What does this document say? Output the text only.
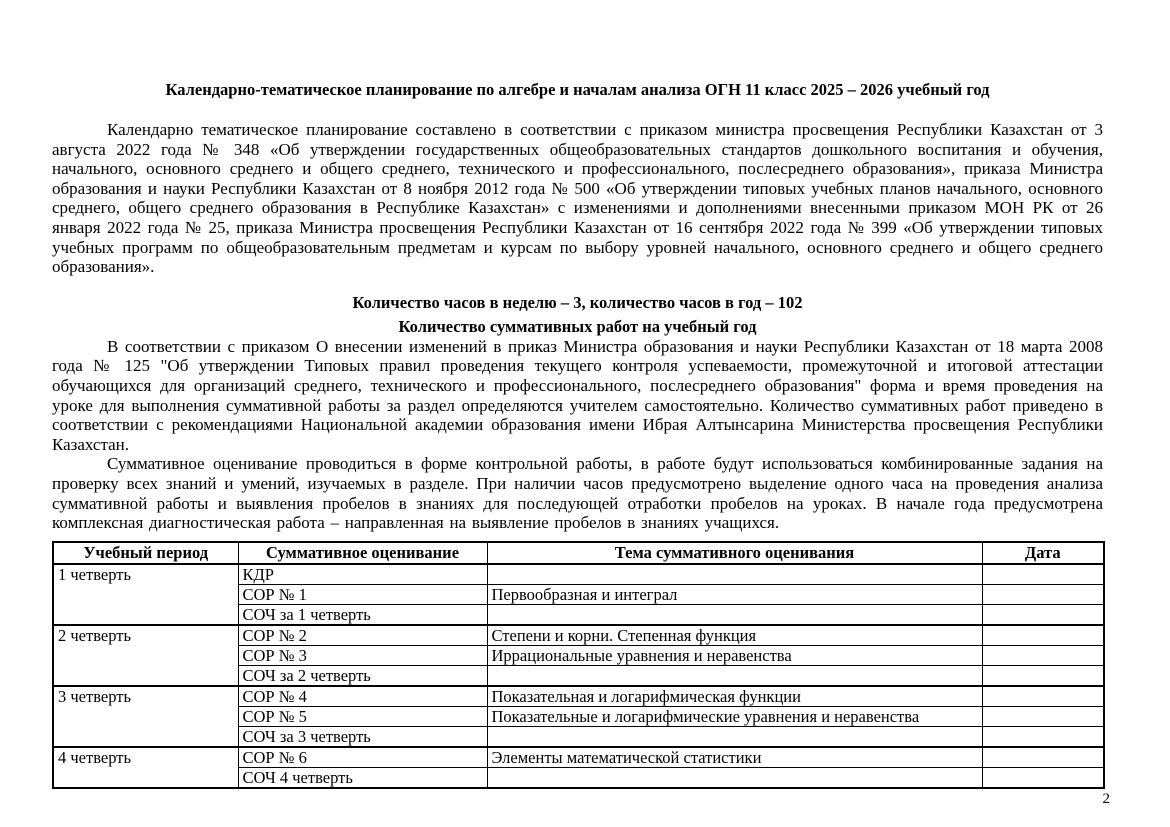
Календарно-тематическое планирование по алгебре и началам анализа ОГН 11 класс 2025 – 2026 учебный год

Календарно тематическое планирование составлено в соответствии с приказом министра просвещения Республики Казахстан от 3 августа 2022 года № 348 «Об утверждении государственных общеобразовательных стандартов дошкольного воспитания и обучения, начального, основного среднего и общего среднего, технического и профессионального, послесреднего образования», приказа Министра образования и науки Республики Казахстан от 8 ноября 2012 года № 500 «Об утверждении типовых учебных планов начального, основного среднего, общего среднего образования в Республике Казахстан» с изменениями и дополнениями внесенными приказом МОН РК от 26 января 2022 года № 25, приказа Министра просвещения Республики Казахстан от 16 сентября 2022 года № 399 «Об утверждении типовых учебных программ по общеобразовательным предметам и курсам по выбору уровней начального, основного среднего и общего среднего образования».

Количество часов в неделю – 3, количество часов в год – 102

Количество суммативных работ на учебный год

В соответствии с приказом О внесении изменений в приказ Министра образования и науки Республики Казахстан от 18 марта 2008 года № 125 "Об утверждении Типовых правил проведения текущего контроля успеваемости, промежуточной и итоговой аттестации обучающихся для организаций среднего, технического и профессионального, послесреднего образования" форма и время проведения на уроке для выполнения суммативной работы за раздел определяются учителем самостоятельно. Количество суммативных работ приведено в соответствии с рекомендациями Национальной академии образования имени Ибрая Алтынсарина Министерства просвещения Республики Казахстан.

Суммативное оценивание проводиться в форме контрольной работы, в работе будут использоваться комбинированные задания на проверку всех знаний и умений, изучаемых в разделе. При наличии часов предусмотрено выделение одного часа на проведения анализа суммативной работы и выявления пробелов в знаниях для последующей отработки пробелов на уроках. В начале года предусмотрена комплексная диагностическая работа – направленная на выявление пробелов в знаниях учащихся.

Учебный период	Суммативное оценивание	Тема суммативного оценивания	Дата
1 четверть	КДР		
	СОР № 1	Первообразная и интеграл	
	СОЧ за 1 четверть		
2 четверть	СОР № 2	Степени и корни. Степенная функция	
	СОР № 3	Иррациональные уравнения и неравенства	
	СОЧ за 2 четверть		
3 четверть	СОР № 4	Показательная и логарифмическая функции	
	СОР № 5	Показательные и логарифмические уравнения и неравенства	
	СОЧ за 3 четверть		
4 четверть	СОР № 6	Элементы математической статистики	
	СОЧ 4 четверть		
2
